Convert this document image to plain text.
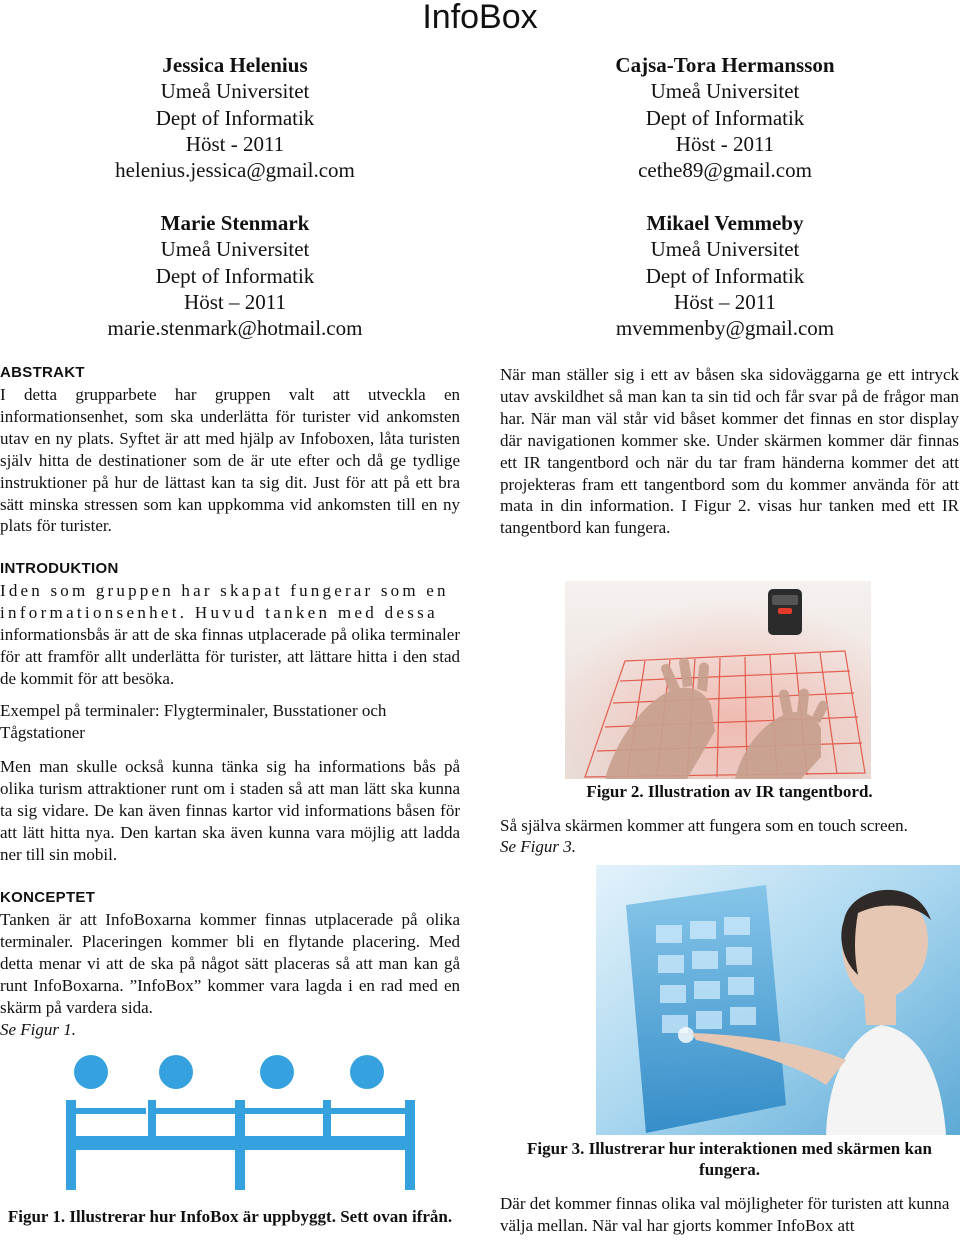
InfoBox
Jessica Helenius
Umeå Universitet
Dept of Informatik
Höst - 2011
helenius.jessica@gmail.com
Cajsa-Tora Hermansson
Umeå Universitet
Dept of Informatik
Höst - 2011
cethe89@gmail.com
Marie Stenmark
Umeå Universitet
Dept of Informatik
Höst – 2011
marie.stenmark@hotmail.com
Mikael Vemmeby
Umeå Universitet
Dept of Informatik
Höst – 2011
mvemmenby@gmail.com
ABSTRAKT
I detta grupparbete har gruppen valt att utveckla en informationsenhet, som ska underlätta för turister vid ankomsten utav en ny plats. Syftet är att med hjälp av Infoboxen, låta turisten själv hitta de destinationer som de är ute efter och då ge tydlige instruktioner på hur de lättast kan ta sig dit. Just för att på ett bra sätt minska stressen som kan uppkomma vid ankomsten till en ny plats för turister.
INTRODUKTION
Iden som gruppen har skapat fungerar som en
informationsenhet. Huvud tanken med dessa
informationsbås är att de ska finnas utplacerade på olika terminaler för att framför allt underlätta för turister, att lättare hitta i den stad de kommit för att besöka.
Exempel på terminaler: Flygterminaler, Busstationer och Tågstationer
Men man skulle också kunna tänka sig ha informations bås på olika turism attraktioner runt om i staden så att man lätt ska kunna ta sig vidare. De kan även finnas kartor vid informations båsen för att lätt hitta nya. Den kartan ska även kunna vara möjlig att ladda ner till sin mobil.
KONCEPTET
Tanken är att InfoBoxarna kommer finnas utplacerade på olika terminaler. Placeringen kommer bli en flytande placering. Med detta menar vi att de ska på något sätt placeras så att man kan gå runt InfoBoxarna. ”InfoBox” kommer vara lagda i en rad med en skärm på vardera sida.
Se Figur 1.
Figur 1. Illustrerar hur InfoBox är uppbyggt. Sett ovan ifrån.
När man ställer sig i ett av båsen ska sidoväggarna ge ett intryck utav avskildhet så man kan ta sin tid och får svar på de frågor man har. När man väl står vid båset kommer det finnas en stor display där navigationen kommer ske. Under skärmen kommer där finnas ett IR tangentbord och när du tar fram händerna kommer det att projekteras fram ett tangentbord som du kommer använda för att mata in din information. I Figur 2. visas hur tanken med ett IR tangentbord kan fungera.
Figur 2. Illustration av IR tangentbord.
Så själva skärmen kommer att fungera som en touch screen.
Se Figur 3.
Figur 3. Illustrerar hur interaktionen med skärmen kan fungera.
Där det kommer finnas olika val möjligheter för turisten att kunna välja mellan. När val har gjorts kommer InfoBox att
